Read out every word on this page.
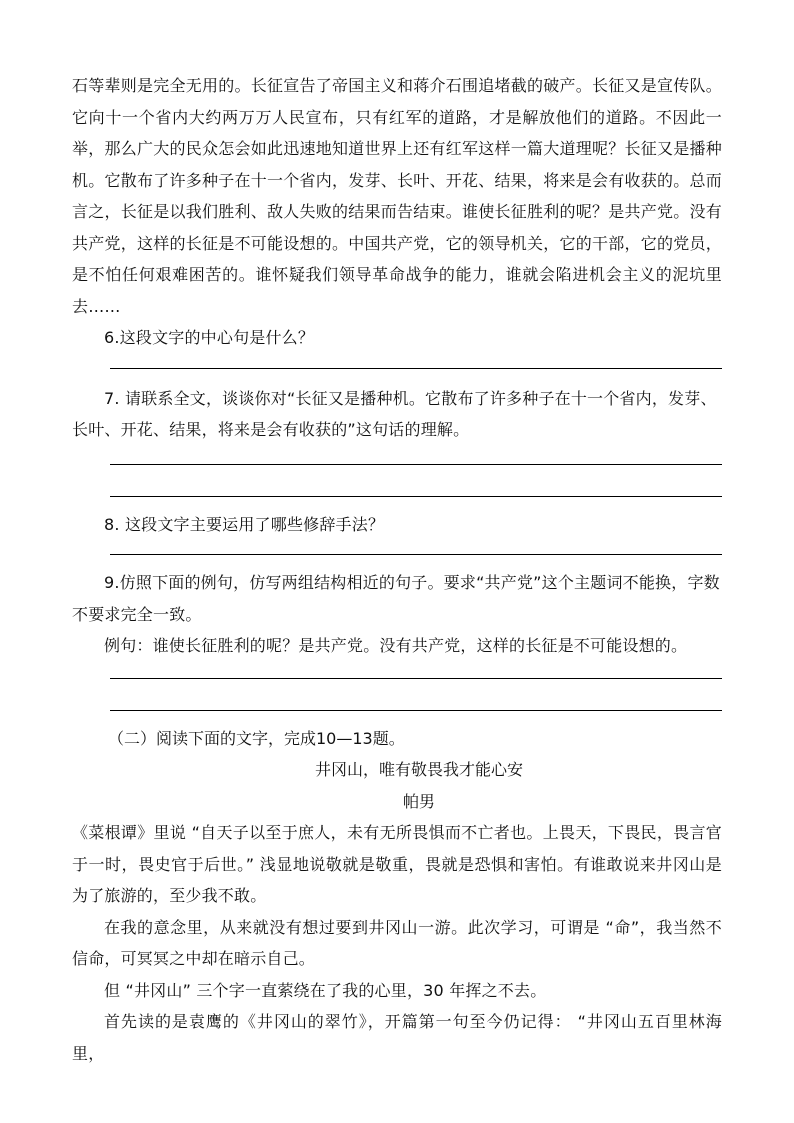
石等辈则是完全无用的。长征宣告了帝国主义和蒋介石围追堵截的破产。长征又是宣传队。它向十一个省内大约两万万人民宣布，只有红军的道路，才是解放他们的道路。不因此一举，那么广大的民众怎会如此迅速地知道世界上还有红军这样一篇大道理呢？长征又是播种机。它散布了许多种子在十一个省内，发芽、长叶、开花、结果，将来是会有收获的。总而言之，长征是以我们胜利、敌人失败的结果而告结束。谁使长征胜利的呢？是共产党。没有共产党，这样的长征是不可能设想的。中国共产党，它的领导机关，它的干部，它的党员，是不怕任何艰难困苦的。谁怀疑我们领导革命战争的能力，谁就会陷进机会主义的泥坑里去……

6.这段文字的中心句是什么？

7. 请联系全文，谈谈你对“长征又是播种机。它散布了许多种子在十一个省内，发芽、长叶、开花、结果，将来是会有收获的”这句话的理解。

8. 这段文字主要运用了哪些修辞手法？

9.仿照下面的例句，仿写两组结构相近的句子。要求“共产党”这个主题词不能换，字数不要求完全一致。

例句：谁使长征胜利的呢？是共产党。没有共产党，这样的长征是不可能设想的。

（二）阅读下面的文字，完成10—13题。

井冈山，唯有敬畏我才能心安

帕男

《菜根谭》里说 “自天子以至于庶人，未有无所畏惧而不亡者也。上畏天，下畏民，畏言官于一时，畏史官于后世。” 浅显地说敬就是敬重，畏就是恐惧和害怕。有谁敢说来井冈山是为了旅游的，至少我不敢。

在我的意念里，从来就没有想过要到井冈山一游。此次学习，可谓是 “命”，我当然不信命，可冥冥之中却在暗示自己。

但 “井冈山” 三个字一直萦绕在了我的心里，30 年挥之不去。

首先读的是袁鹰的《井冈山的翠竹》，开篇第一句至今仍记得： “井冈山五百里林海里，
